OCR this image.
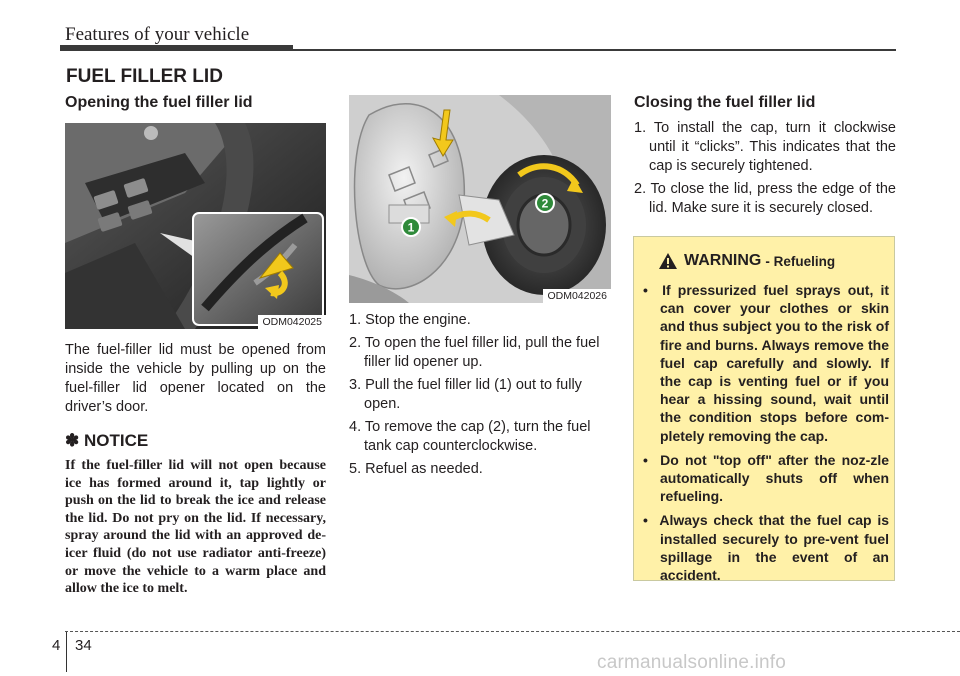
Features of your vehicle
FUEL FILLER LID
Opening the fuel filler lid
ODM042025
The fuel-filler lid must be opened from inside the vehicle by pulling up on the fuel-filler lid opener located on the driver’s door.
✽ NOTICE
If the fuel-filler lid will not open because ice has formed around it, tap lightly or push on the lid to break the ice and release the lid. Do not pry on the lid. If necessary, spray around the lid with an approved de-icer fluid (do not use radiator anti-freeze) or move the vehicle to a warm place and allow the ice to melt.
1
2
ODM042026
1. Stop the engine.
2. To open the fuel filler lid, pull the fuel filler lid opener up.
3. Pull the fuel filler lid (1) out to fully open.
4. To remove the cap (2), turn the fuel tank cap counterclockwise.
5. Refuel as needed.
Closing the fuel filler lid
1. To install the cap, turn it clockwise until it “clicks”. This indicates that the cap is securely tightened.
2. To close the lid, press the edge of the lid. Make sure it is securely closed.
WARNING - Refueling
• If pressurized fuel sprays out, it can cover your clothes or skin and thus subject you to the risk of fire and burns. Always remove the fuel cap carefully and slowly. If the cap is venting fuel or if you hear a hissing sound, wait until the condition stops before com-pletely removing the cap.
• Do not "top off" after the noz-zle automatically shuts off when refueling.
• Always check that the fuel cap is installed securely to pre-vent fuel spillage in the event of an accident.
4 34
carmanualsonline.info
